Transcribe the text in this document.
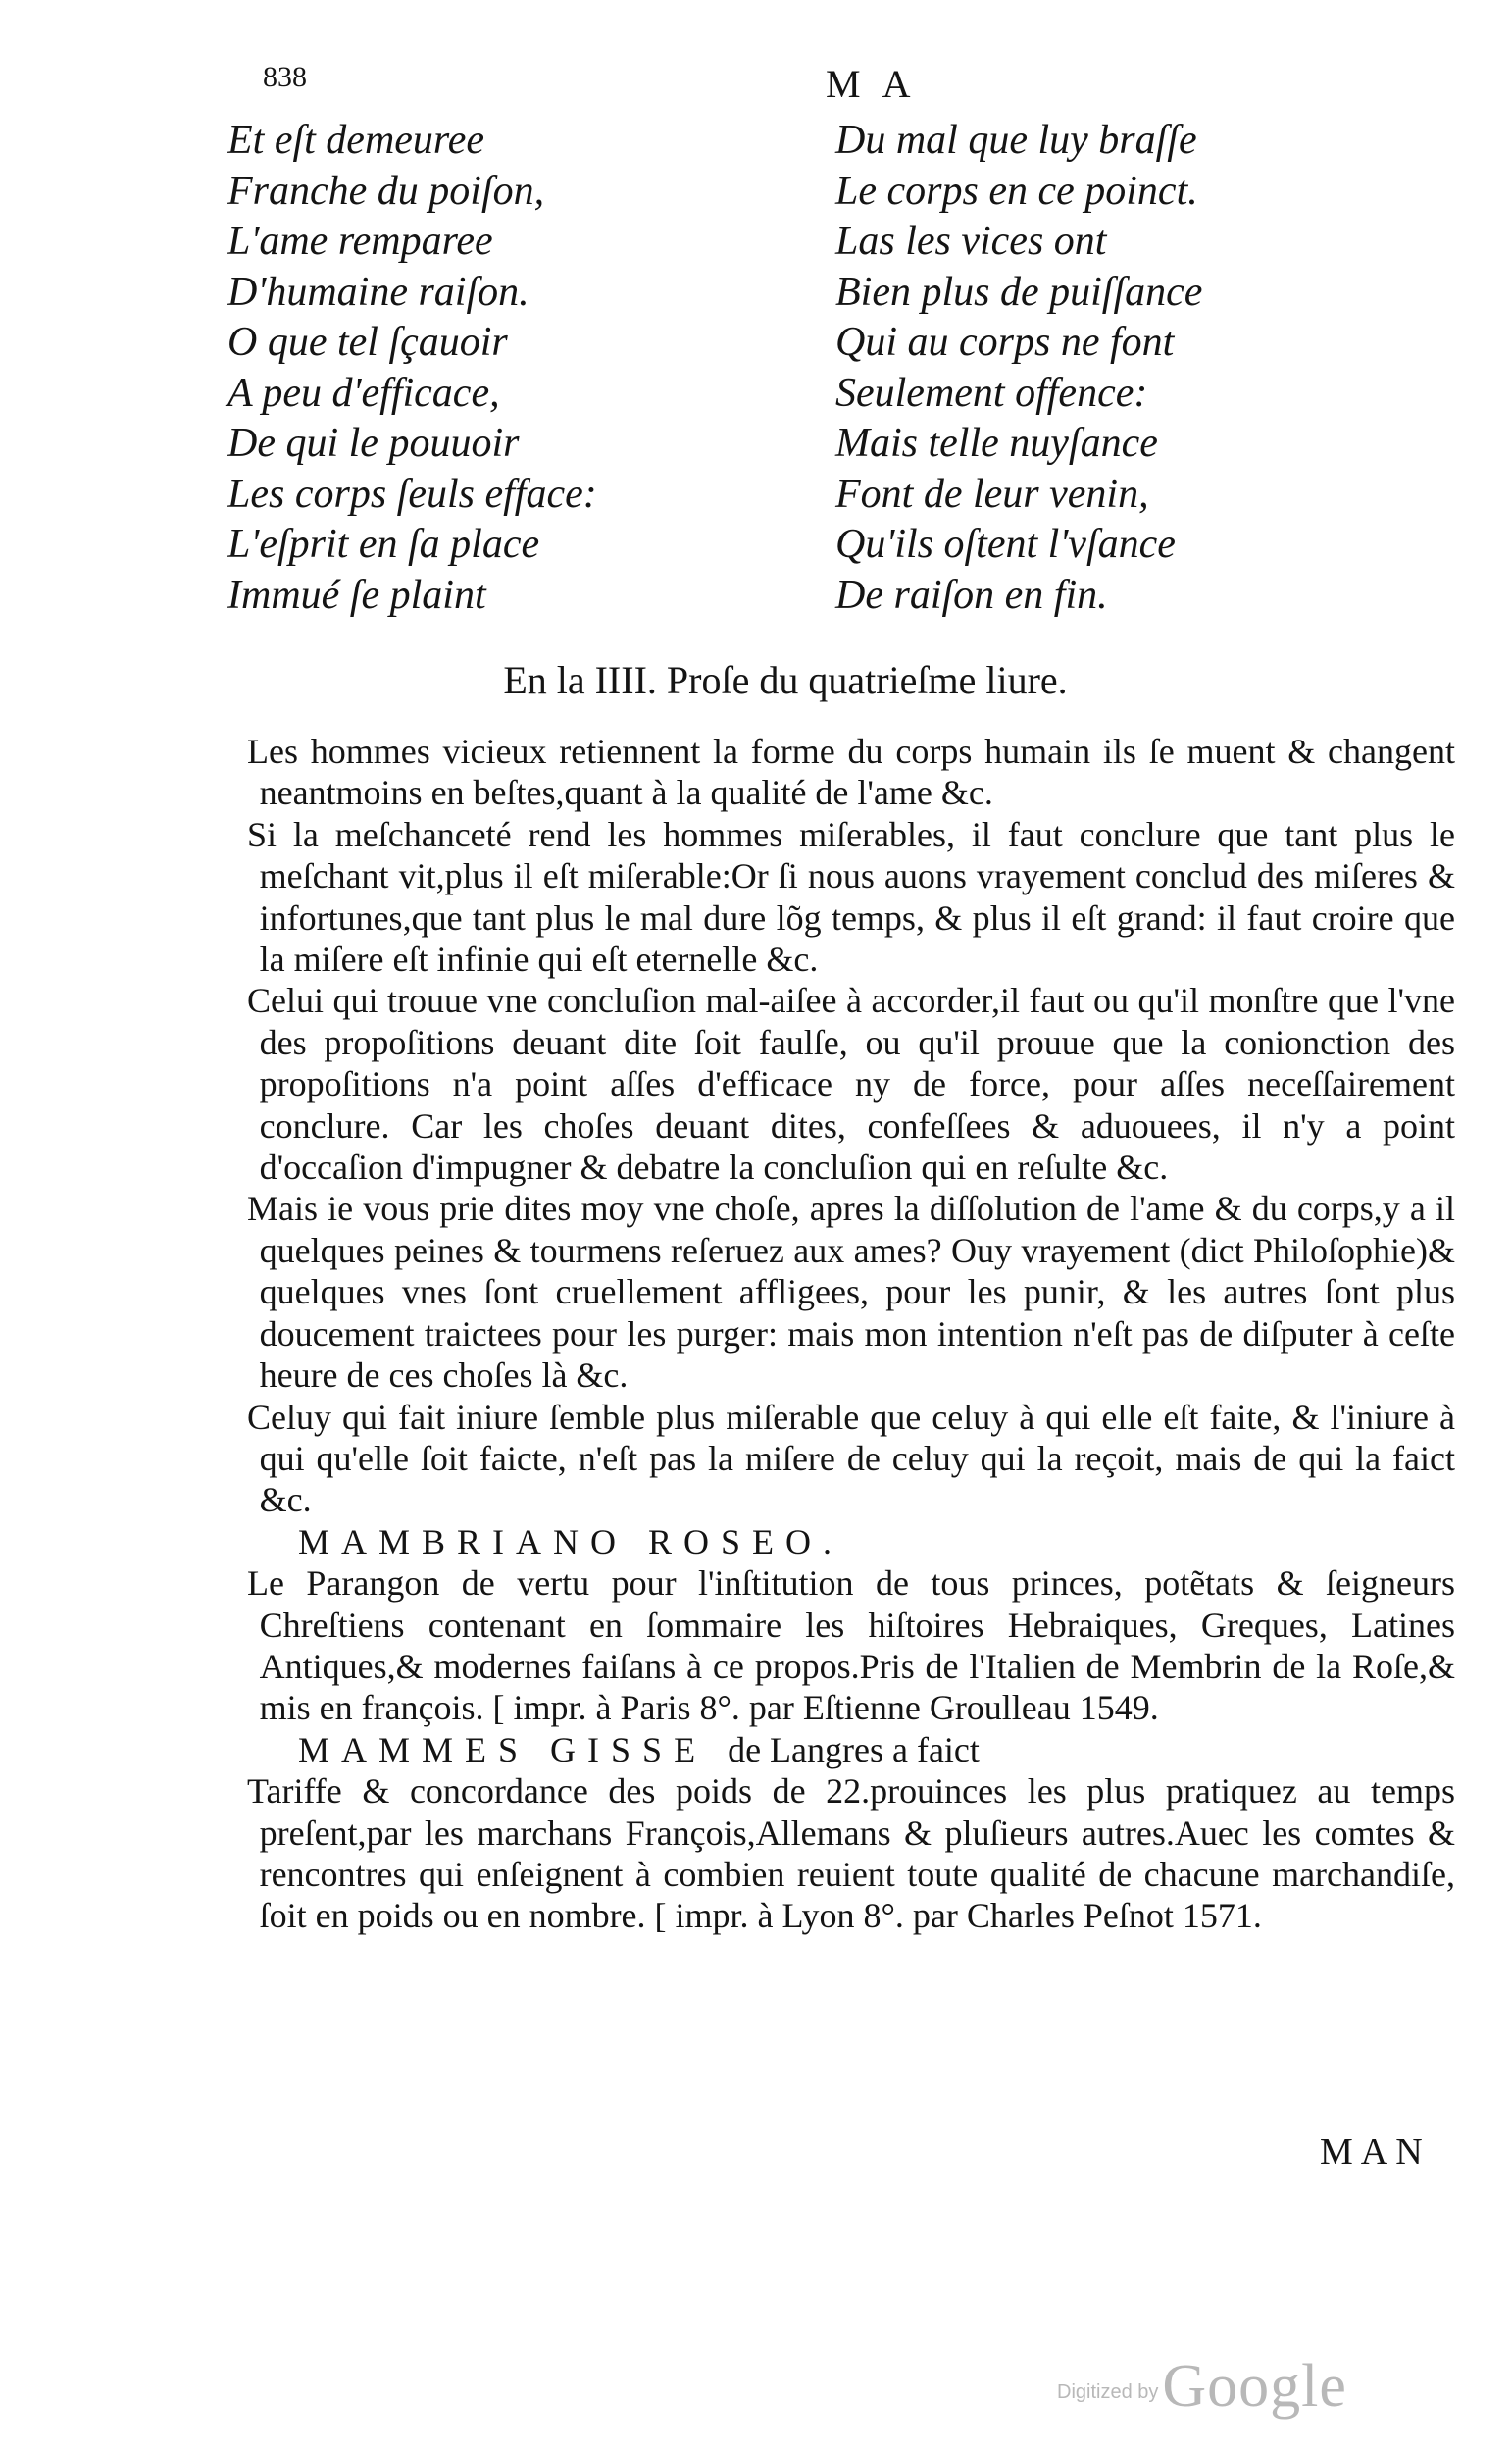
838	MA
Et eſt demeuree
Franche du poiſon,
L'ame remparee
D'humaine raiſon.
O que tel ſçauoir
A peu d'efficace,
De qui le pouuoir
Les corps ſeuls efface:
L'eſprit en ſa place
Immué ſe plaint
Du mal que luy braſſe
Le corps en ce poinct.
Las les vices ont
Bien plus de puiſſance
Qui au corps ne font
Seulement offence:
Mais telle nuyſance
Font de leur venin,
Qu'ils oſtent l'vſance
De raiſon en fin.
En la IIII. Proſe du quatrieſme liure.

Les hommes vicieux retiennent la forme du corps humain ils ſe muent & changent neantmoins en beſtes,quant à la qualité de l'ame &c.

Si la meſchanceté rend les hommes miſerables, il faut conclure que tant plus le meſchant vit,plus il eſt miſerable:Or ſi nous auons vrayement conclud des miſeres & infortunes,que tant plus le mal dure lõg temps, & plus il eſt grand: il faut croire que la miſere eſt infinie qui eſt eternelle &c.

Celui qui trouue vne concluſion mal-aiſee à accorder,il faut ou qu'il monſtre que l'vne des propoſitions deuant dite ſoit faulſe, ou qu'il prouue que la conionction des propoſitions n'a point aſſes d'efficace ny de force, pour aſſes neceſſairement conclure. Car les choſes deuant dites, confeſſees & aduouees, il n'y a point d'occaſion d'impugner & debatre la concluſion qui en reſulte &c.

Mais ie vous prie dites moy vne choſe, apres la diſſolution de l'ame & du corps,y a il quelques peines & tourmens reſeruez aux ames? Ouy vrayement (dict Philoſophie)& quelques vnes ſont cruellement affligees, pour les punir, & les autres ſont plus doucement traictees pour les purger: mais mon intention n'eſt pas de diſputer à ceſte heure de ces choſes là &c.

Celuy qui fait iniure ſemble plus miſerable que celuy à qui elle eſt faite, & l'iniure à qui qu'elle ſoit faicte, n'eſt pas la miſere de celuy qui la reçoit, mais de qui la faict &c.

MAMBRIANO ROSEO.

Le Parangon de vertu pour l'inſtitution de tous princes, potẽtats & ſeigneurs Chreſtiens contenant en ſommaire les hiſtoires Hebraiques, Greques, Latines Antiques,& modernes faiſans à ce propos.Pris de l'Italien de Membrin de la Roſe,& mis en françois. [ impr. à Paris 8°. par Eſtienne Groulleau 1549.

MAMMES GISSE de Langres a faict

Tariffe & concordance des poids de 22.prouinces les plus pratiquez au temps preſent,par les marchans François,Allemans & pluſieurs autres.Auec les comtes & rencontres qui enſeignent à combien reuient toute qualité de chacune marchandiſe, ſoit en poids ou en nombre. [ impr. à Lyon 8°. par Charles Peſnot 1571.

MAN
Digitized by Google
